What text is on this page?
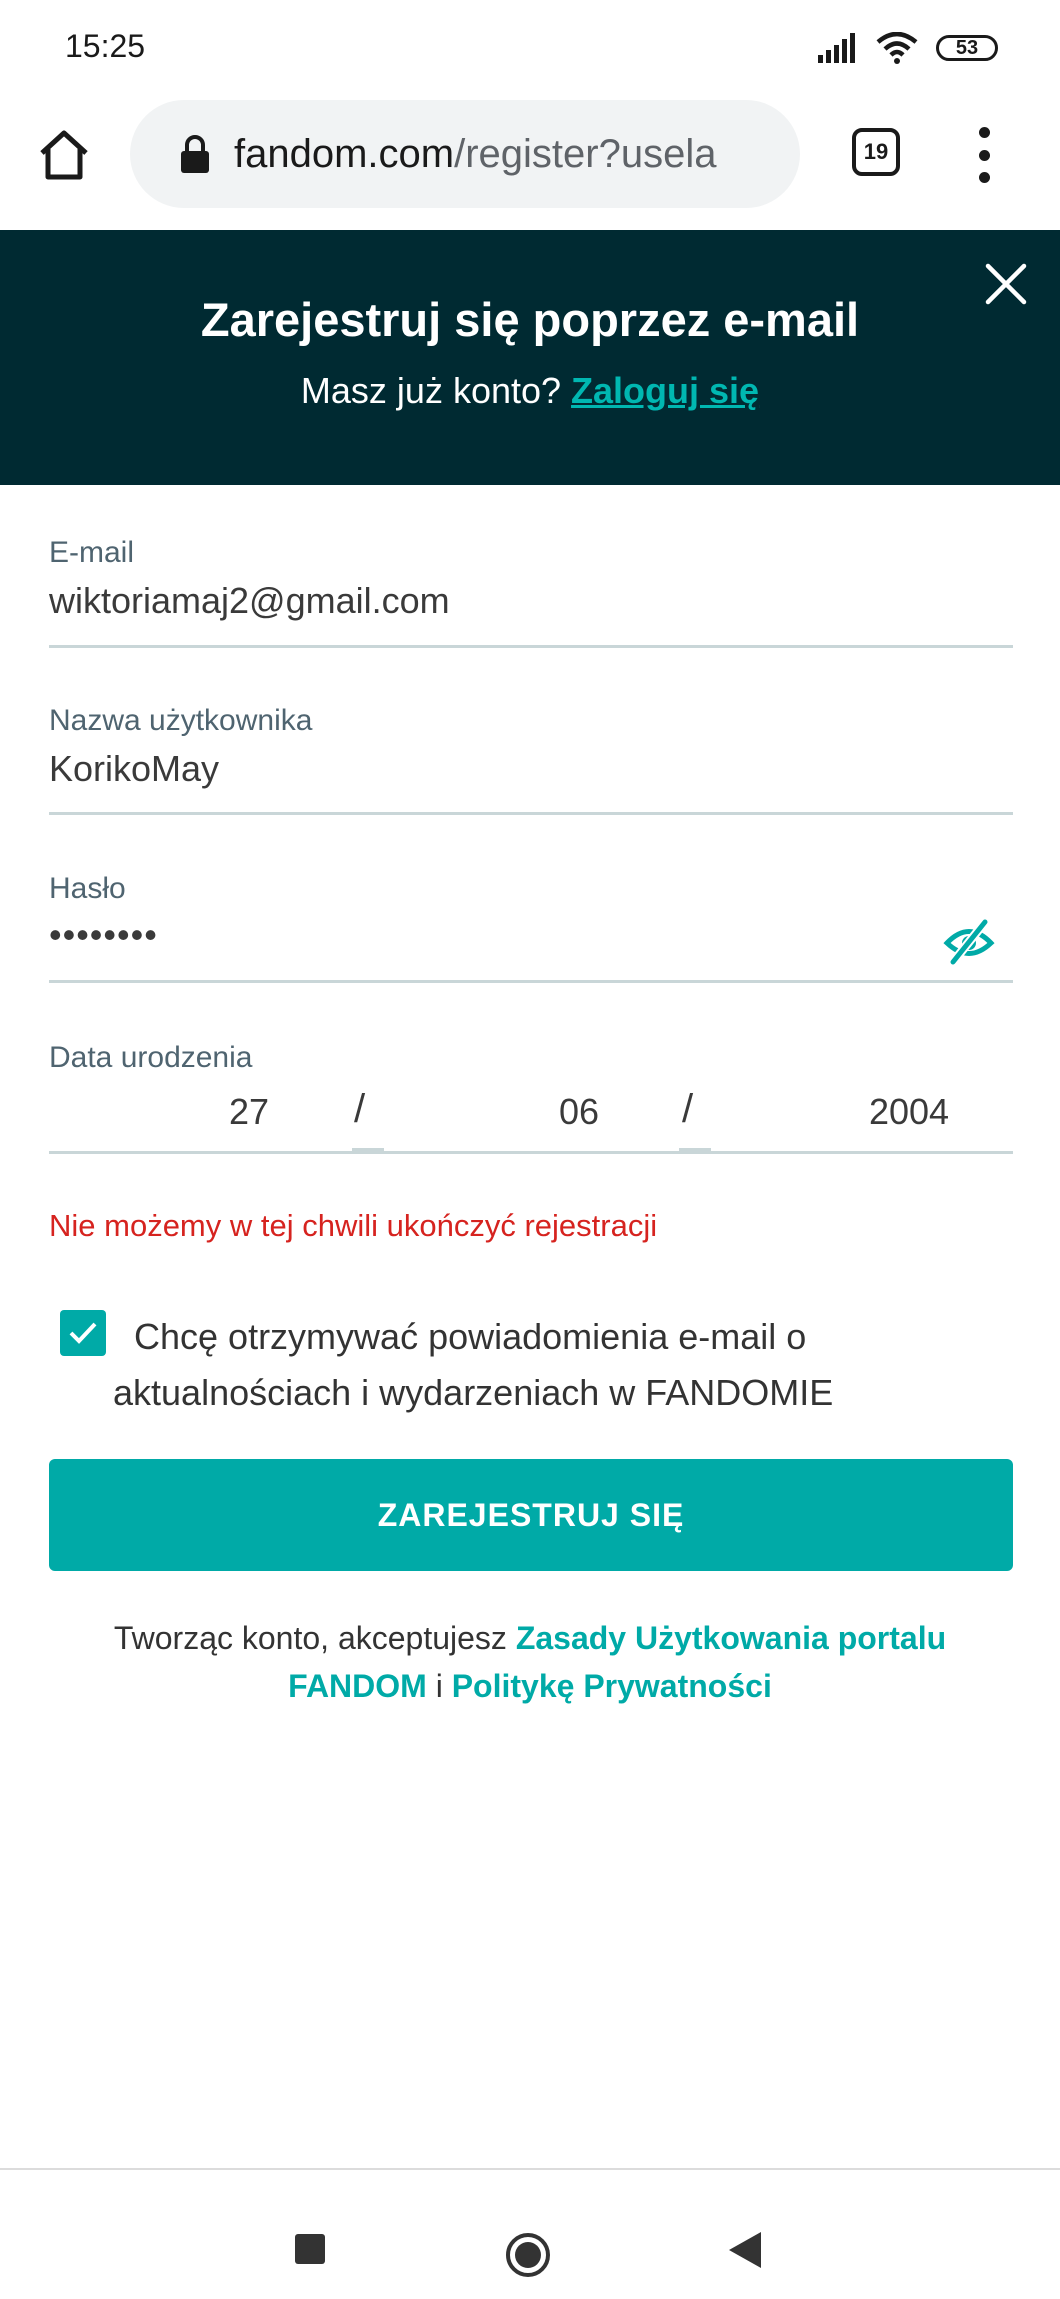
15:25	53
fandom.com/register?usela	19
Zarejestruj się poprzez e-mail
Masz już konto? Zaloguj się
E-mail
wiktoriamaj2@gmail.com
Nazwa użytkownika
KorikoMay
Hasło
••••••••
Data urodzenia
27	/	06	/	2004
Nie możemy w tej chwili ukończyć rejestracji
Chcę otrzymywać powiadomienia e-mail o
aktualnościach i wydarzeniach w FANDOMIE
ZAREJESTRUJ SIĘ
Tworząc konto, akceptujesz Zasady Użytkowania portalu FANDOM i Politykę Prywatności
